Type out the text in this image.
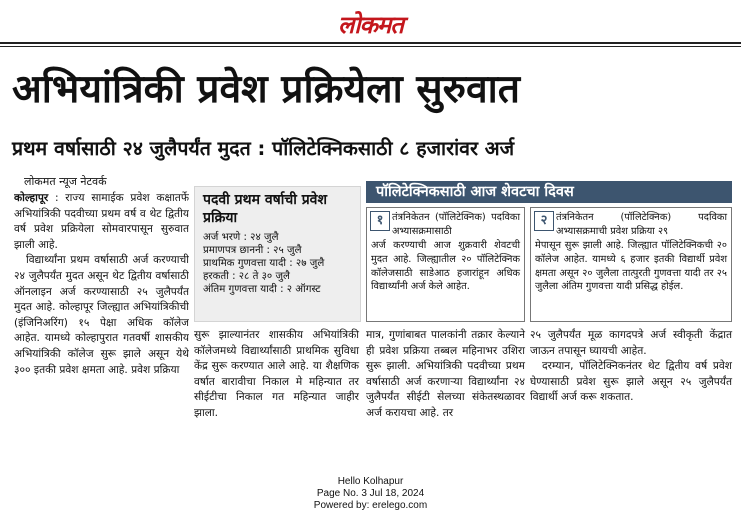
लोकमत
अभियांत्रिकी प्रवेश प्रक्रियेला सुरुवात
प्रथम वर्षासाठी २४ जुलैपर्यंत मुदत : पॉलिटेक्निकसाठी ८ हजारांवर अर्ज
लोकमत न्यूज नेटवर्क

कोल्हापूर : राज्य सामाईक प्रवेश कक्षातर्फे अभियांत्रिकी पदवीच्या प्रथम वर्ष व थेट द्वितीय वर्ष प्रवेश प्रक्रियेला सोमवारपासून सुरुवात झाली आहे.

विद्यार्थ्यांना प्रथम वर्षासाठी अर्ज करण्याची २४ जुलैपर्यंत मुदत असून थेट द्वितीय वर्षासाठी ऑनलाइन अर्ज करण्यासाठी २५ जुलैपर्यंत मुदत आहे. कोल्हापूर जिल्ह्यात अभियांत्रिकीची (इंजिनिअरिंग) १५ पेक्षा अधिक कॉलेज आहेत. यामध्ये कोल्हापुरात गतवर्षी शासकीय अभियांत्रिकी कॉलेज सुरू झाले असून येथे ३०० इतकी प्रवेश क्षमता आहे. प्रवेश प्रक्रिया

पदवी प्रथम वर्षाची प्रवेश प्रक्रिया
अर्ज भरणे : २४ जुलै
प्रमाणपत्र छाननी : २५ जुलै
प्राथमिक गुणवत्ता यादी : २७ जुलै
हरकती : २८ ते ३० जुलै
अंतिम गुणवत्ता यादी : २ ऑगस्ट
पॉलिटेक्निकसाठी आज शेवटचा दिवस
१ तंत्रनिकेतन (पॉलिटेक्निक) पदविका अभ्यासक्रमासाठी
अर्ज करण्याची आज शुक्रवारी शेवटची मुदत आहे. जिल्ह्यातील २० पॉलिटेक्निक कॉलेजसाठी साडेआठ हजारांहून अधिक विद्यार्थ्यांनी अर्ज केले आहेत.
२ तंत्रनिकेतन (पॉलिटेक्निक) पदविका अभ्यासक्रमाची प्रवेश प्रक्रिया २९
मेपासून सुरू झाली आहे. जिल्ह्यात पॉलिटेक्निकची २० कॉलेज आहेत. यामध्ये ६ हजार इतकी विद्यार्थी प्रवेश क्षमता असून २० जुलैला तात्पुरती गुणवत्ता यादी तर २५ जुलैला अंतिम गुणवत्ता यादी प्रसिद्ध होईल.
सुरू झाल्यानंतर शासकीय अभियांत्रिकी कॉलेजमध्ये विद्यार्थ्यांसाठी प्राथमिक सुविधा केंद्र सुरू करण्यात आले आहे. या शैक्षणिक वर्षात बारावीचा निकाल मे महिन्यात तर सीईटीचा निकाल गत महिन्यात जाहीर झाला.
मात्र, गुणांबाबत पालकांनी तक्रार केल्याने ही प्रवेश प्रक्रिया तब्बल महिनाभर उशिरा सुरू झाली. अभियांत्रिकी पदवीच्या प्रथम वर्षासाठी अर्ज करणाऱ्या विद्यार्थ्यांना २४ जुलैपर्यंत सीईटी सेलच्या संकेतस्थळावर अर्ज करायचा आहे. तर

२५ जुलैपर्यंत मूळ कागदपत्रे अर्ज स्वीकृती केंद्रात जाऊन तपासून घ्यायची आहेत.

दरम्यान, पॉलिटेक्निकनंतर थेट द्वितीय वर्ष प्रवेश घेण्यासाठी प्रवेश सुरू झाले असून २५ जुलैपर्यंत विद्यार्थी अर्ज करू शकतात.

Hello Kolhapur
Page No. 3 Jul 18, 2024
Powered by: erelego.com
